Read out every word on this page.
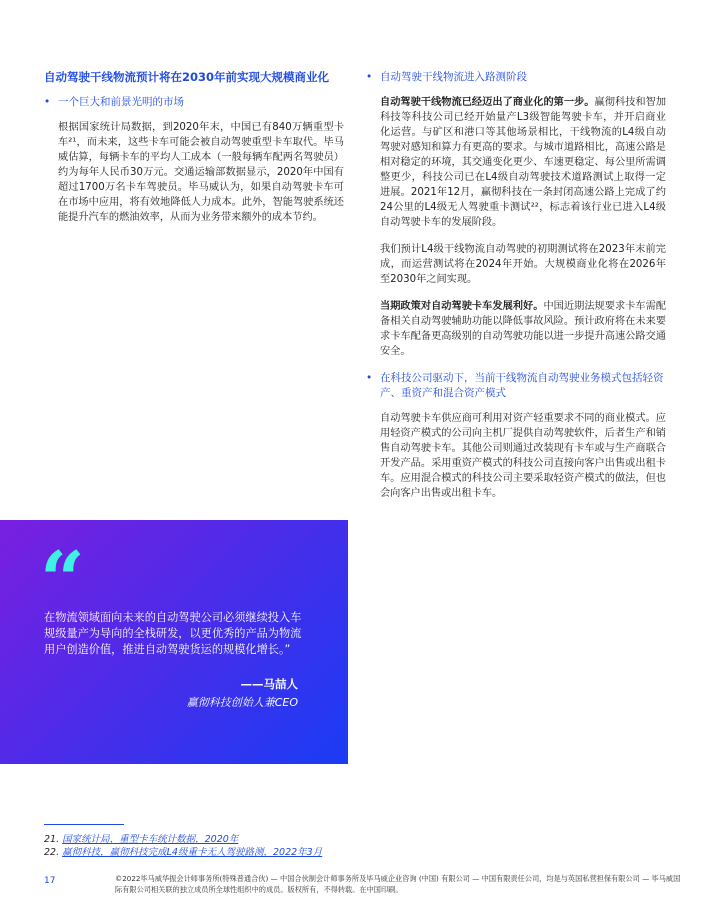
自动驾驶干线物流预计将在2030年前实现大规模商业化
• 一个巨大和前景光明的市场

根据国家统计局数据，到2020年末，中国已有840万辆重型卡车²¹，而未来，这些卡车可能会被自动驾驶重型卡车取代。毕马威估算，每辆卡车的平均人工成本（一般每辆车配两名驾驶员）约为每年人民币30万元。交通运输部数据显示，2020年中国有超过1700万名卡车驾驶员。毕马威认为，如果自动驾驶卡车可在市场中应用，将有效地降低人力成本。此外，智能驾驶系统还能提升汽车的燃油效率，从而为业务带来额外的成本节约。

• 自动驾驶干线物流进入路测阶段

自动驾驶干线物流已经迈出了商业化的第一步。赢彻科技和智加科技等科技公司已经开始量产L3级智能驾驶卡车，并开启商业化运营。与矿区和港口等其他场景相比，干线物流的L4级自动驾驶对感知和算力有更高的要求。与城市道路相比，高速公路是相对稳定的环境，其交通变化更少、车速更稳定、每公里所需调整更少，科技公司已在L4级自动驾驶技术道路测试上取得一定进展。2021年12月，赢彻科技在一条封闭高速公路上完成了约24公里的L4级无人驾驶重卡测试²²，标志着该行业已进入L4级自动驾驶卡车的发展阶段。

我们预计L4级干线物流自动驾驶的初期测试将在2023年末前完成，而运营测试将在2024年开始。大规模商业化将在2026年至2030年之间实现。

当期政策对自动驾驶卡车发展利好。中国近期法规要求卡车需配备相关自动驾驶辅助功能以降低事故风险。预计政府将在未来要求卡车配备更高级别的自动驾驶功能以进一步提升高速公路交通安全。

• 在科技公司驱动下，当前干线物流自动驾驶业务模式包括轻资产、重资产和混合资产模式

自动驾驶卡车供应商可利用对资产轻重要求不同的商业模式。应用轻资产模式的公司向主机厂提供自动驾驶软件，后者生产和销售自动驾驶卡车。其他公司则通过改装现有卡车或与生产商联合开发产品。采用重资产模式的科技公司直接向客户出售或出租卡车。应用混合模式的科技公司主要采取轻资产模式的做法，但也会向客户出售或出租卡车。

“
在物流领域面向未来的自动驾驶公司必须继续投入车规级量产为导向的全栈研发，以更优秀的产品为物流用户创造价值，推进自动驾驶货运的规模化增长。”
——马喆人
赢彻科技创始人兼CEO
21. 国家统计局，重型卡车统计数据，2020年
22. 赢彻科技，赢彻科技完成L4级重卡无人驾驶路测，2022年3月
17	©2022毕马威华振会计师事务所(特殊普通合伙) — 中国合伙制会计师事务所及毕马威企业咨询 (中国) 有限公司 — 中国有限责任公司，均是与英国私营担保有限公司 — 毕马威国际有限公司相关联的独立成员所全球性组织中的成员。版权所有，不得转载。在中国印刷。
